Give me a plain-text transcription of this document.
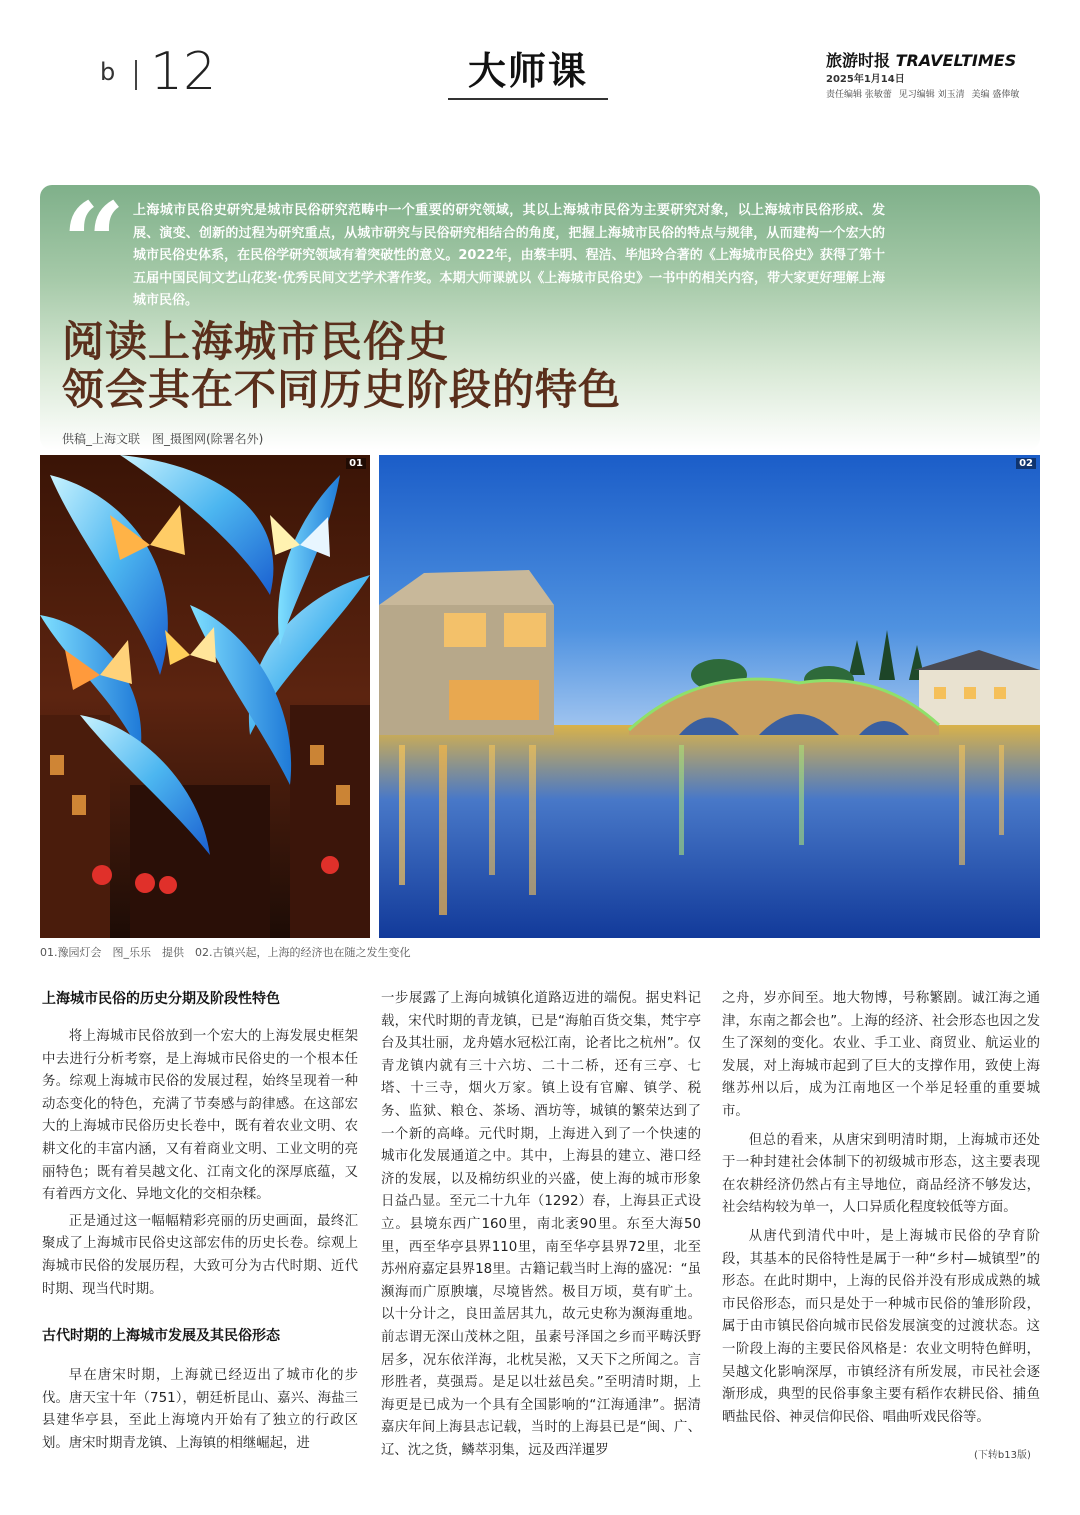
b 12	大师课	旅游时报 TRAVELTIMES
2025年1月14日
责任编辑 张敏蕾 见习编辑 刘玉清 美编 盛俸敏
“ 上海城市民俗史研究是城市民俗研究范畴中一个重要的研究领域，其以上海城市民俗为主要研究对象，以上海城市民俗形成、发展、演变、创新的过程为研究重点，从城市研究与民俗研究相结合的角度，把握上海城市民俗的特点与规律，从而建构一个宏大的城市民俗史体系，在民俗学研究领域有着突破性的意义。2022年，由蔡丰明、程洁、毕旭玲合著的《上海城市民俗史》获得了第十五届中国民间文艺山花奖·优秀民间文艺学术著作奖。本期大师课就以《上海城市民俗史》一书中的相关内容，带大家更好理解上海城市民俗。
阅读上海城市民俗史
领会其在不同历史阶段的特色
供稿_上海文联　图_摄图网(除署名外)
01	02
01.豫园灯会　图_乐乐　提供　02.古镇兴起，上海的经济也在随之发生变化
上海城市民俗的历史分期及阶段性特色

将上海城市民俗放到一个宏大的上海发展史框架中去进行分析考察，是上海城市民俗史的一个根本任务。综观上海城市民俗的发展过程，始终呈现着一种动态变化的特色，充满了节奏感与韵律感。在这部宏大的上海城市民俗历史长卷中，既有着农业文明、农耕文化的丰富内涵，又有着商业文明、工业文明的亮丽特色；既有着吴越文化、江南文化的深厚底蕴，又有着西方文化、异地文化的交相杂糅。

正是通过这一幅幅精彩亮丽的历史画面，最终汇聚成了上海城市民俗史这部宏伟的历史长卷。综观上海城市民俗的发展历程，大致可分为古代时期、近代时期、现当代时期。

古代时期的上海城市发展及其民俗形态

早在唐宋时期，上海就已经迈出了城市化的步伐。唐天宝十年（751），朝廷析昆山、嘉兴、海盐三县建华亭县，至此上海境内开始有了独立的行政区划。唐宋时期青龙镇、上海镇的相继崛起，进

一步展露了上海向城镇化道路迈进的端倪。据史料记载，宋代时期的青龙镇，已是“海舶百货交集，梵宇亭台及其壮丽，龙舟嬉水冠松江南，论者比之杭州”。仅青龙镇内就有三十六坊、二十二桥，还有三亭、七塔、十三寺，烟火万家。镇上设有官廨、镇学、税务、监狱、粮仓、茶场、酒坊等，城镇的繁荣达到了一个新的高峰。元代时期，上海进入到了一个快速的城市化发展通道之中。其中，上海县的建立、港口经济的发展，以及棉纺织业的兴盛，使上海的城市形象日益凸显。至元二十九年（1292）春，上海县正式设立。县境东西广160里，南北袤90里。东至大海50里，西至华亭县界110里，南至华亭县界72里，北至苏州府嘉定县界18里。古籍记载当时上海的盛况：“虽濒海而广原腴壤，尽境皆然。极目万顷，莫有旷土。以十分计之，良田盖居其九，故元史称为濒海重地。前志谓无深山茂林之阻，虽素号泽国之乡而平畴沃野居多，况东依洋海，北枕吴淞，又天下之所闻之。言形胜者，莫强焉。是足以壮兹邑矣。”至明清时期，上海更是已成为一个具有全国影响的“江海通津”。据清嘉庆年间上海县志记载，当时的上海县已是“闽、广、辽、沈之货，鳞萃羽集，远及西洋暹罗

之舟，岁亦间至。地大物博，号称繁剧。诚江海之通津，东南之都会也”。上海的经济、社会形态也因之发生了深刻的变化。农业、手工业、商贸业、航运业的发展，对上海城市起到了巨大的支撑作用，致使上海继苏州以后，成为江南地区一个举足轻重的重要城市。

但总的看来，从唐宋到明清时期，上海城市还处于一种封建社会体制下的初级城市形态，这主要表现在农耕经济仍然占有主导地位，商品经济不够发达，社会结构较为单一，人口异质化程度较低等方面。

从唐代到清代中叶，是上海城市民俗的孕育阶段，其基本的民俗特性是属于一种“乡村—城镇型”的形态。在此时期中，上海的民俗并没有形成成熟的城市民俗形态，而只是处于一种城市民俗的雏形阶段，属于由市镇民俗向城市民俗发展演变的过渡状态。这一阶段上海的主要民俗风格是：农业文明特色鲜明，吴越文化影响深厚，市镇经济有所发展，市民社会逐渐形成，典型的民俗事象主要有稻作农耕民俗、捕鱼晒盐民俗、神灵信仰民俗、唱曲听戏民俗等。

(下转b13版)
